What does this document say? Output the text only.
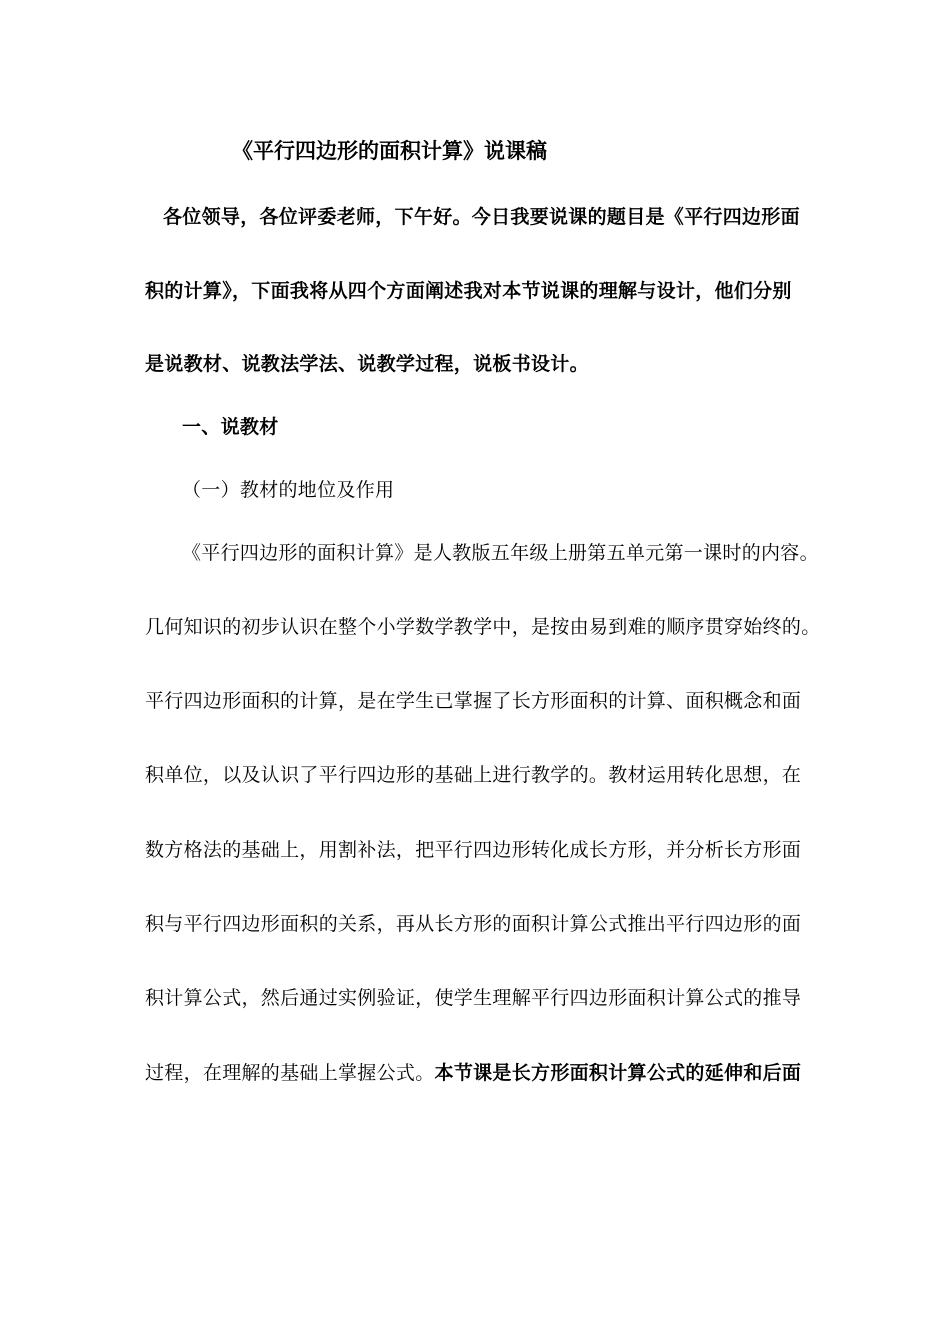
《平行四边形的面积计算》说课稿
各位领导，各位评委老师，下午好。今日我要说课的题目是《平行四边形面
积的计算》，下面我将从四个方面阐述我对本节说课的理解与设计，他们分别
是说教材、说教法学法、说教学过程，说板书设计。
一、说教材
（一）教材的地位及作用
《平行四边形的面积计算》是人教版五年级上册第五单元第一课时的内容。
几何知识的初步认识在整个小学数学教学中，是按由易到难的顺序贯穿始终的。
平行四边形面积的计算，是在学生已掌握了长方形面积的计算、面积概念和面
积单位，以及认识了平行四边形的基础上进行教学的。教材运用转化思想，在
数方格法的基础上，用割补法，把平行四边形转化成长方形，并分析长方形面
积与平行四边形面积的关系，再从长方形的面积计算公式推出平行四边形的面
积计算公式，然后通过实例验证，使学生理解平行四边形面积计算公式的推导
过程，在理解的基础上掌握公式。本节课是长方形面积计算公式的延伸和后面
